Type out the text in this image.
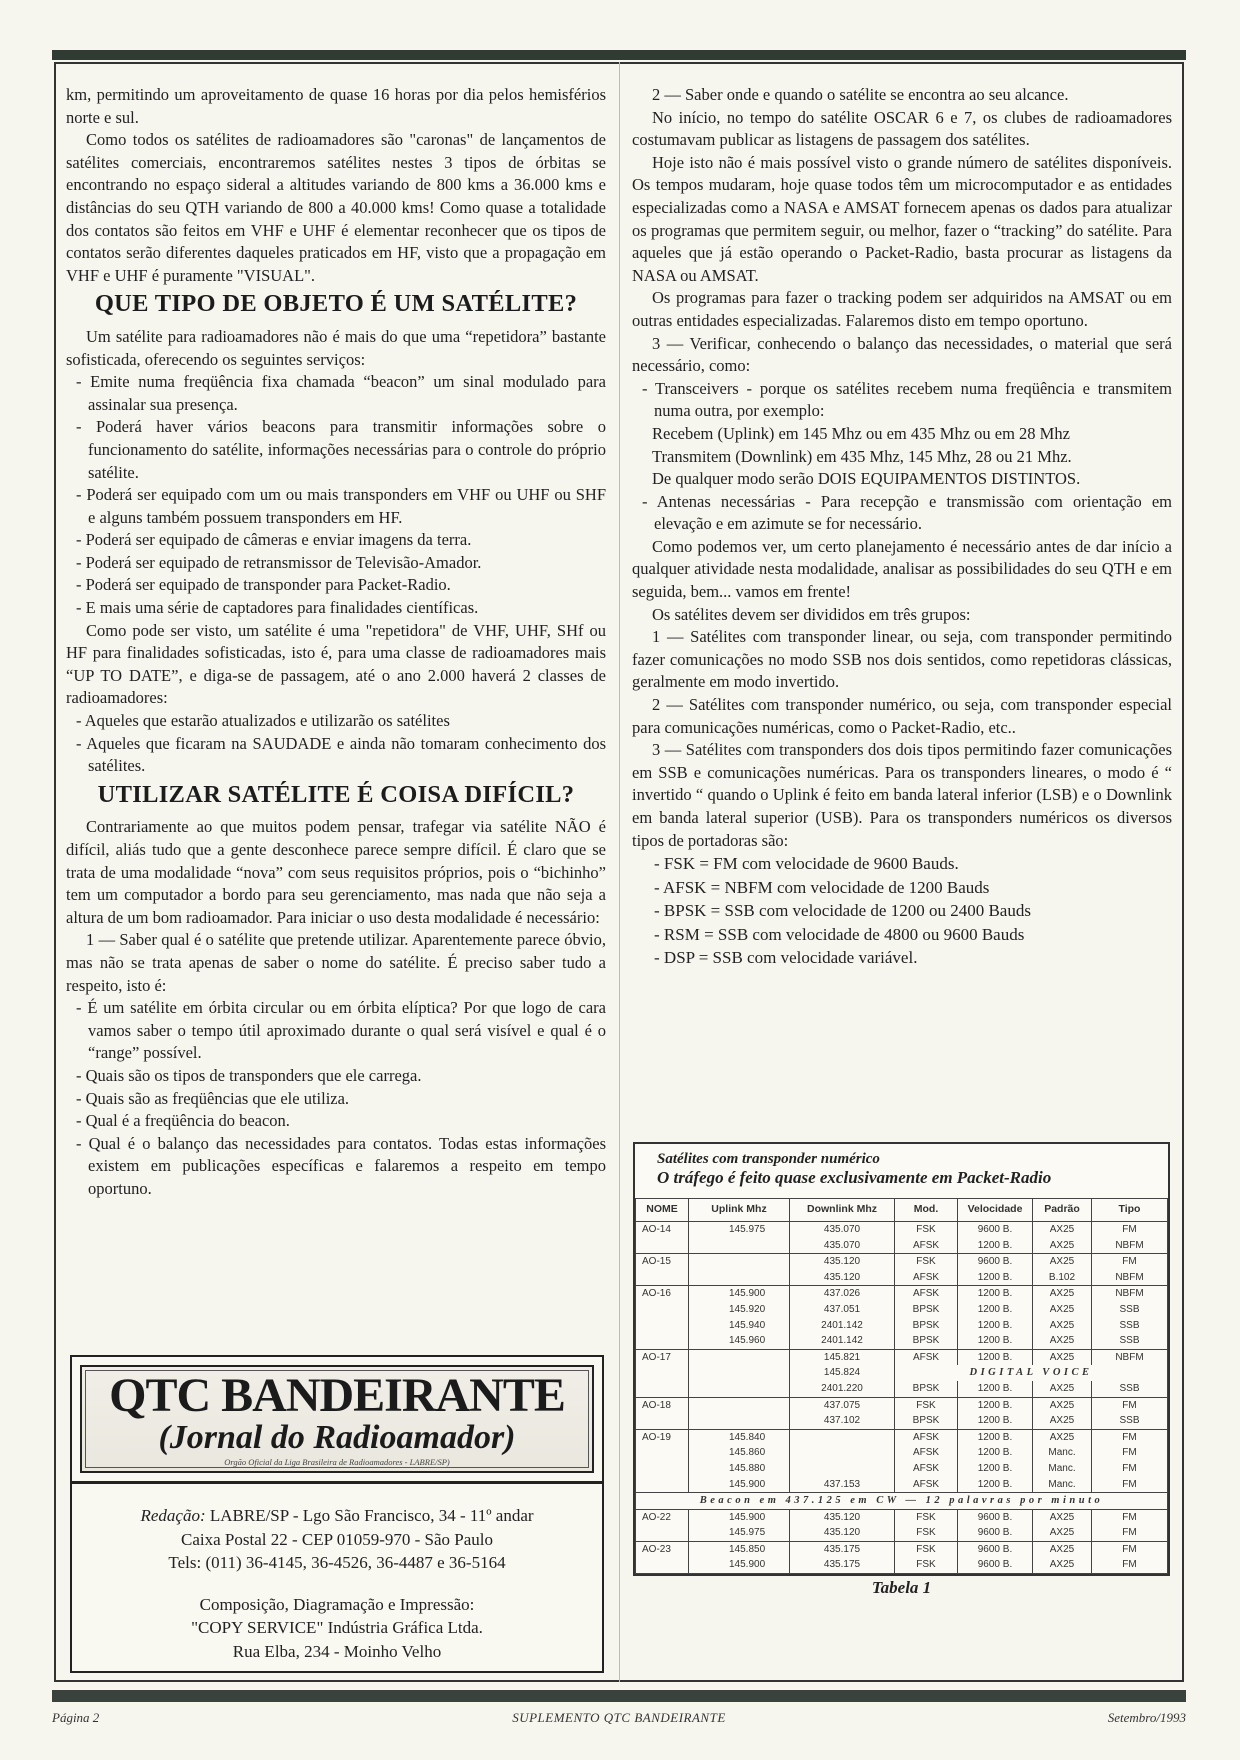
km, permitindo um aproveitamento de quase 16 horas por dia pelos hemisférios norte e sul.

Como todos os satélites de radioamadores são "caronas" de lançamentos de satélites comerciais, encontraremos satélites nestes 3 tipos de órbitas se encontrando no espaço sideral a altitudes variando de 800 kms a 36.000 kms e distâncias do seu QTH variando de 800 a 40.000 kms! Como quase a totalidade dos contatos são feitos em VHF e UHF é elementar reconhecer que os tipos de contatos serão diferentes daqueles praticados em HF, visto que a propagação em VHF e UHF é puramente "VISUAL".

QUE TIPO DE OBJETO É UM SATÉLITE?

Um satélite para radioamadores não é mais do que uma “repetidora” bastante sofisticada, oferecendo os seguintes serviços:

- Emite numa freqüência fixa chamada “beacon” um sinal modulado para assinalar sua presença.

- Poderá haver vários beacons para transmitir informações sobre o funcionamento do satélite, informações necessárias para o controle do próprio satélite.

- Poderá ser equipado com um ou mais transponders em VHF ou UHF ou SHF e alguns também possuem transponders em HF.

- Poderá ser equipado de câmeras e enviar imagens da terra.

- Poderá ser equipado de retransmissor de Televisão-Amador.

- Poderá ser equipado de transponder para Packet-Radio.

- E mais uma série de captadores para finalidades científicas.

Como pode ser visto, um satélite é uma "repetidora" de VHF, UHF, SHf ou HF para finalidades sofisticadas, isto é, para uma classe de radioamadores mais “UP TO DATE”, e diga-se de passagem, até o ano 2.000 haverá 2 classes de radioamadores:

- Aqueles que estarão atualizados e utilizarão os satélites

- Aqueles que ficaram na SAUDADE e ainda não tomaram conhecimento dos satélites.

UTILIZAR SATÉLITE É COISA DIFÍCIL?

Contrariamente ao que muitos podem pensar, trafegar via satélite NÃO é difícil, aliás tudo que a gente desconhece parece sempre difícil. É claro que se trata de uma modalidade “nova” com seus requisitos próprios, pois o “bichinho” tem um computador a bordo para seu gerenciamento, mas nada que não seja a altura de um bom radioamador. Para iniciar o uso desta modalidade é necessário:

1 — Saber qual é o satélite que pretende utilizar. Aparentemente parece óbvio, mas não se trata apenas de saber o nome do satélite. É preciso saber tudo a respeito, isto é:

- É um satélite em órbita circular ou em órbita elíptica? Por que logo de cara vamos saber o tempo útil aproximado durante o qual será visível e qual é o “range” possível.

- Quais são os tipos de transponders que ele carrega.

- Quais são as freqüências que ele utiliza.

- Qual é a freqüência do beacon.

- Qual é o balanço das necessidades para contatos. Todas estas informações existem em publicações específicas e falaremos a respeito em tempo oportuno.

QTC BANDEIRANTE
(Jornal do Radioamador)
Orgão Oficial da Liga Brasileira de Radioamadores - LABRE/SP)
Redação: LABRE/SP - Lgo São Francisco, 34 - 11º andar
Caixa Postal 22 - CEP 01059-970 - São Paulo
Tels: (011) 36-4145, 36-4526, 36-4487 e 36-5164
Composição, Diagramação e Impressão:
"COPY SERVICE" Indústria Gráfica Ltda.
Rua Elba, 234 - Moinho Velho

2 — Saber onde e quando o satélite se encontra ao seu alcance.

No início, no tempo do satélite OSCAR 6 e 7, os clubes de radioamadores costumavam publicar as listagens de passagem dos satélites.

Hoje isto não é mais possível visto o grande número de satélites disponíveis. Os tempos mudaram, hoje quase todos têm um microcomputador e as entidades especializadas como a NASA e AMSAT fornecem apenas os dados para atualizar os programas que permitem seguir, ou melhor, fazer o “tracking” do satélite. Para aqueles que já estão operando o Packet-Radio, basta procurar as listagens da NASA ou AMSAT.

Os programas para fazer o tracking podem ser adquiridos na AMSAT ou em outras entidades especializadas. Falaremos disto em tempo oportuno.

3 — Verificar, conhecendo o balanço das necessidades, o material que será necessário, como:

- Transceivers - porque os satélites recebem numa freqüência e transmitem numa outra, por exemplo:

Recebem (Uplink) em 145 Mhz ou em 435 Mhz ou em 28 Mhz

Transmitem (Downlink) em 435 Mhz, 145 Mhz, 28 ou 21 Mhz.

De qualquer modo serão DOIS EQUIPAMENTOS DISTINTOS.

- Antenas necessárias - Para recepção e transmissão com orientação em elevação e em azimute se for necessário.

Como podemos ver, um certo planejamento é necessário antes de dar início a qualquer atividade nesta modalidade, analisar as possibilidades do seu QTH e em seguida, bem... vamos em frente!

Os satélites devem ser divididos em três grupos:

1 — Satélites com transponder linear, ou seja, com transponder permitindo fazer comunicações no modo SSB nos dois sentidos, como repetidoras clássicas, geralmente em modo invertido.

2 — Satélites com transponder numérico, ou seja, com transponder especial para comunicações numéricas, como o Packet-Radio, etc..

3 — Satélites com transponders dos dois tipos permitindo fazer comunicações em SSB e comunicações numéricas. Para os transponders lineares, o modo é “ invertido “ quando o Uplink é feito em banda lateral inferior (LSB) e o Downlink em banda lateral superior (USB). Para os transponders numéricos os diversos tipos de portadoras são:

- FSK = FM com velocidade de 9600 Bauds.

- AFSK = NBFM com velocidade de 1200 Bauds

- BPSK = SSB com velocidade de 1200 ou 2400 Bauds

- RSM = SSB com velocidade de 4800 ou 9600 Bauds

- DSP = SSB com velocidade variável.

Satélites com transponder numérico
O tráfego é feito quase exclusivamente em Packet-Radio
NOME	Uplink Mhz	Downlink Mhz	Mod.	Velocidade	Padrão	Tipo
AO-14	145.975	435.070	FSK	9600 B.	AX25	FM
		435.070	AFSK	1200 B.	AX25	NBFM
AO-15		435.120	FSK	9600 B.	AX25	FM
		435.120	AFSK	1200 B.	B.102	NBFM
AO-16	145.900	437.026	AFSK	1200 B.	AX25	NBFM
	145.920	437.051	BPSK	1200 B.	AX25	SSB
	145.940	2401.142	BPSK	1200 B.	AX25	SSB
	145.960	2401.142	BPSK	1200 B.	AX25	SSB
AO-17		145.821	AFSK	1200 B.	AX25	NBFM
		145.824	DIGITAL VOICE			
		2401.220	BPSK	1200 B.	AX25	SSB
AO-18		437.075	FSK	1200 B.	AX25	FM
		437.102	BPSK	1200 B.	AX25	SSB
AO-19	145.840		AFSK	1200 B.	AX25	FM
	145.860		AFSK	1200 B.	Manc.	FM
	145.880		AFSK	1200 B.	Manc.	FM
	145.900	437.153	AFSK	1200 B.	Manc.	FM
Beacon em 437.125 em CW — 12 palavras por minuto						
AO-22	145.900	435.120	FSK	9600 B.	AX25	FM
	145.975	435.120	FSK	9600 B.	AX25	FM
AO-23	145.850	435.175	FSK	9600 B.	AX25	FM
	145.900	435.175	FSK	9600 B.	AX25	FM
Tabela 1
Página 2	SUPLEMENTO QTC BANDEIRANTE	Setembro/1993
